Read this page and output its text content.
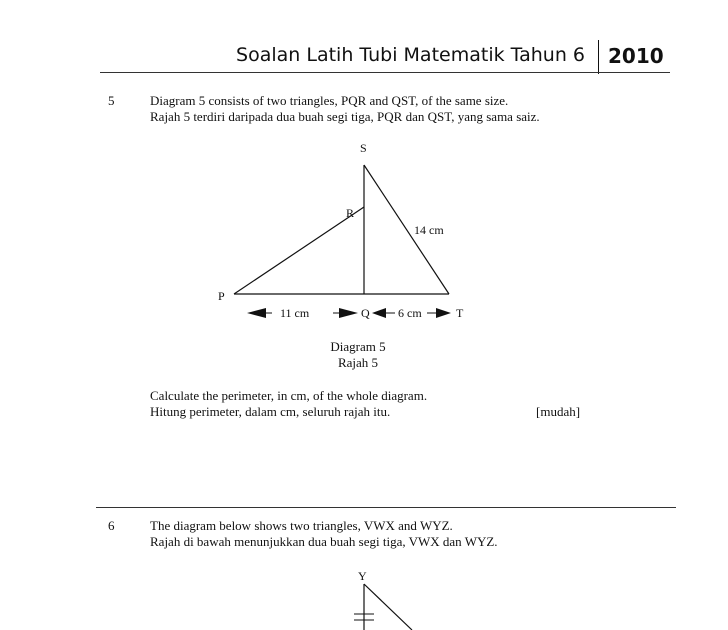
Soalan Latih Tubi Matematik Tahun 6 2010
5	Diagram 5 consists of two triangles, PQR and QST, of the same size.
Rajah 5 terdiri daripada dua buah segi tiga, PQR dan QST, yang sama saiz.
S
R
P
14 cm
11 cm	Q 6 cm	T
Y
Diagram 5
Rajah 5
Calculate the perimeter, in cm, of the whole diagram.
Hitung perimeter, dalam cm, seluruh rajah itu.	[mudah]
6	The diagram below shows two triangles, VWX and WYZ.
Rajah di bawah menunjukkan dua buah segi tiga, VWX dan WYZ.
